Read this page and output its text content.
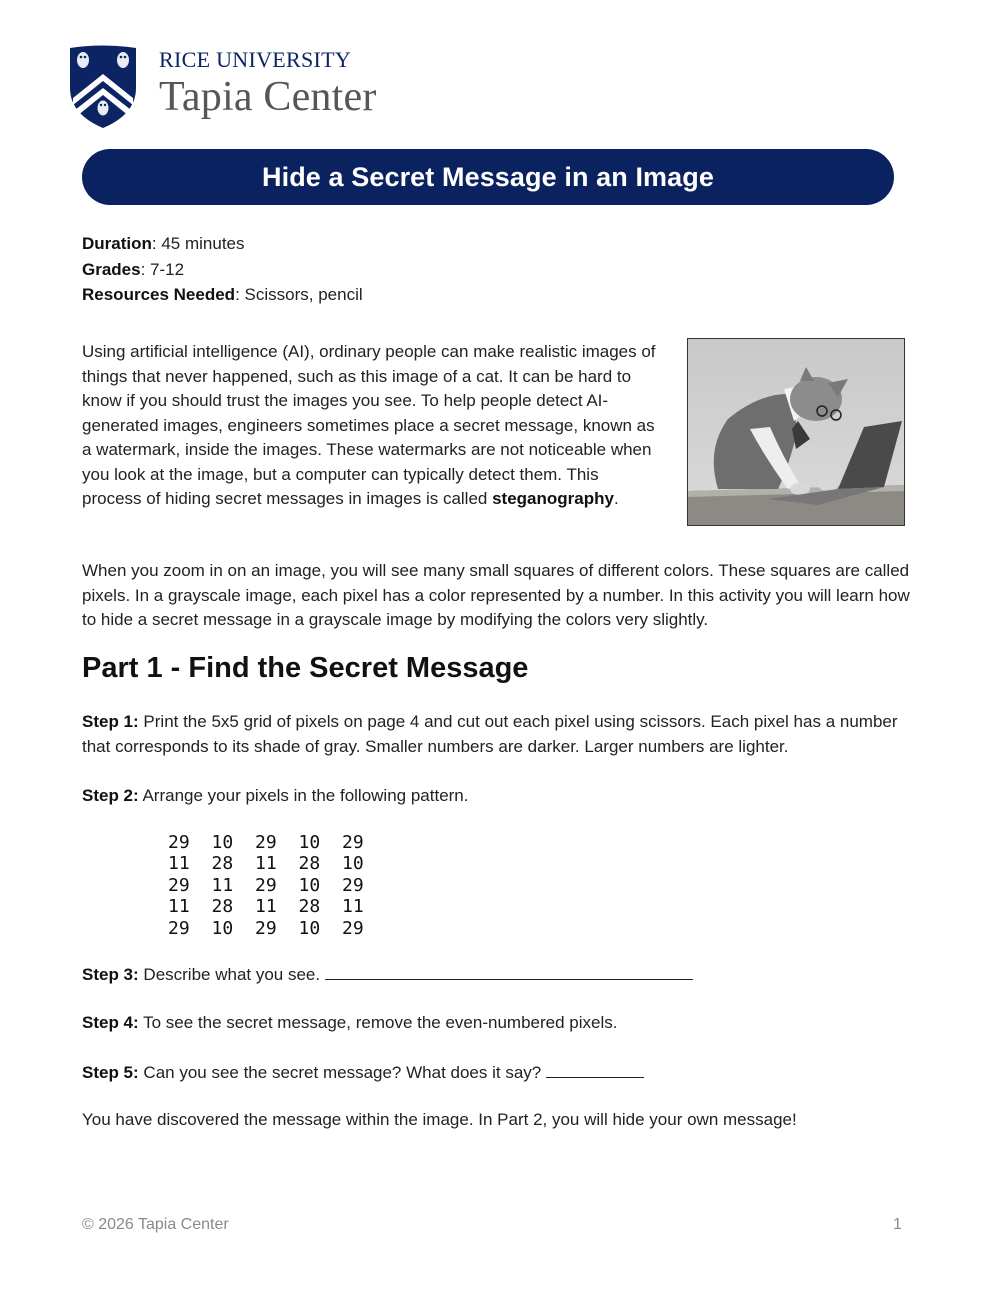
RICE UNIVERSITY
Tapia Center
Hide a Secret Message in an Image
Duration: 45 minutes
Grades: 7-12
Resources Needed: Scissors, pencil

Using artificial intelligence (AI), ordinary people can make realistic images of things that never happened, such as this image of a cat. It can be hard to know if you should trust the images you see. To help people detect AI-generated images, engineers sometimes place a secret message, known as a watermark, inside the images. These watermarks are not noticeable when you look at the image, but a computer can typically detect them. This process of hiding secret messages in images is called steganography.

When you zoom in on an image, you will see many small squares of different colors. These squares are called pixels. In a grayscale image, each pixel has a color represented by a number. In this activity you will learn how to hide a secret message in a grayscale image by modifying the colors very slightly.

Part 1 - Find the Secret Message

Step 1: Print the 5x5 grid of pixels on page 4 and cut out each pixel using scissors. Each pixel has a number that corresponds to its shade of gray. Smaller numbers are darker. Larger numbers are lighter.

Step 2: Arrange your pixels in the following pattern.

29	10	29	10	29
11	28	11	28	10
29	11	29	10	29
11	28	11	28	11
29	10	29	10	29

Step 3: Describe what you see.

Step 4: To see the secret message, remove the even-numbered pixels.

Step 5: Can you see the secret message? What does it say?

You have discovered the message within the image. In Part 2, you will hide your own message!

© 2026 Tapia Center	1
